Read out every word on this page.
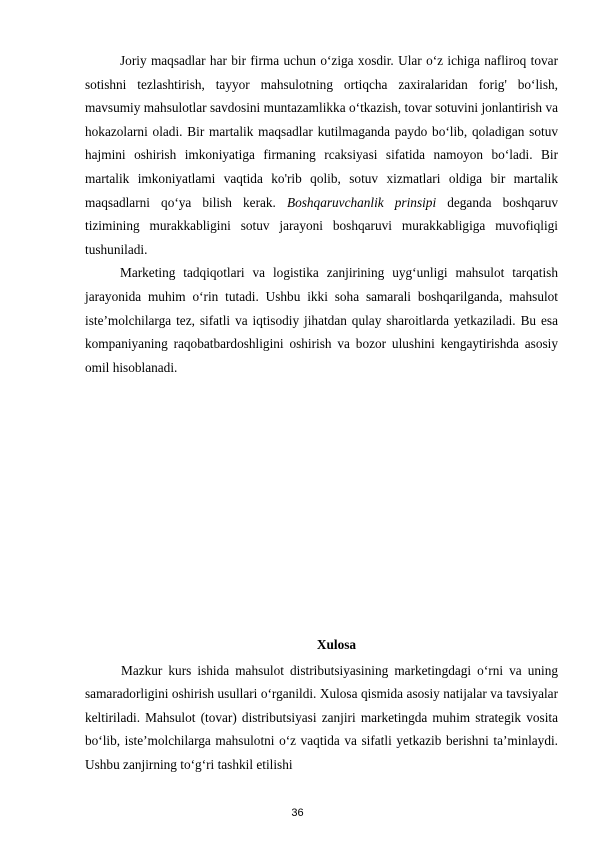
Joriy maqsadlar har bir firma uchun o‘ziga xosdir. Ular o‘z ichiga nafliroq tovar sotishni tezlashtirish, tayyor mahsulotning ortiqcha zaxiralaridan forig' bo‘lish, mavsumiy mahsulotlar savdosini muntazamlikka o‘tkazish, tovar sotuvini jonlantirish va hokazolarni oladi. Bir martalik maqsadlar kutilmaganda paydo bo‘lib, qoladigan sotuv hajmini oshirish imkoniyatiga firmaning rcaksiyasi sifatida namoyon bo‘ladi. Bir martalik imkoniyatlami vaqtida ko'rib qolib, sotuv xizmatlari oldiga bir martalik maqsadlarni qo‘ya bilish kerak. Boshqaruvchanlik prinsipi deganda boshqaruv tizimining murakkabligini sotuv jarayoni boshqaruvi murakkabligiga muvofiqligi tushuniladi.

Marketing tadqiqotlari va logistika zanjirining uyg‘unligi mahsulot tarqatish jarayonida muhim o‘rin tutadi. Ushbu ikki soha samarali boshqarilganda, mahsulot iste’molchilarga tez, sifatli va iqtisodiy jihatdan qulay sharoitlarda yetkaziladi. Bu esa kompaniyaning raqobatbardoshligini oshirish va bozor ulushini kengaytirishda asosiy omil hisoblanadi.

Xulosa

Mazkur kurs ishida mahsulot distributsiyasining marketingdagi o‘rni va uning samaradorligini oshirish usullari o‘rganildi. Xulosa qismida asosiy natijalar va tavsiyalar keltiriladi. Mahsulot (tovar) distributsiyasi zanjiri marketingda muhim strategik vosita bo‘lib, iste’molchilarga mahsulotni o‘z vaqtida va sifatli yetkazib berishni ta’minlaydi. Ushbu zanjirning to‘g‘ri tashkil etilishi

36
